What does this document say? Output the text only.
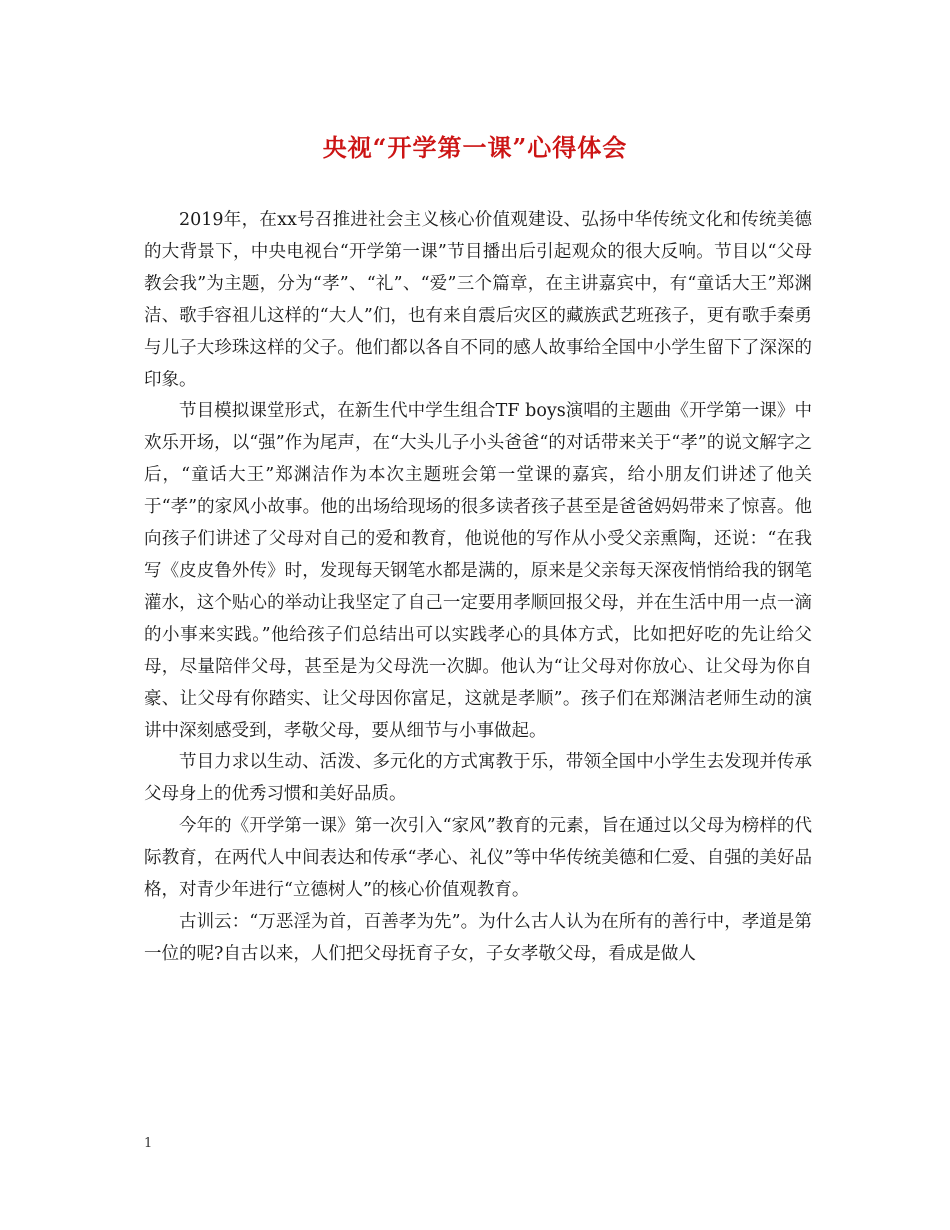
央视“开学第一课”心得体会

2019年，在xx号召推进社会主义核心价值观建设、弘扬中华传统文化和传统美德的大背景下，中央电视台“开学第一课”节目播出后引起观众的很大反响。节目以“父母教会我”为主题，分为“孝”、“礼”、“爱”三个篇章，在主讲嘉宾中，有“童话大王”郑渊洁、歌手容祖儿这样的“大人”们，也有来自震后灾区的藏族武艺班孩子，更有歌手秦勇与儿子大珍珠这样的父子。他们都以各自不同的感人故事给全国中小学生留下了深深的印象。

节目模拟课堂形式，在新生代中学生组合TF boys演唱的主题曲《开学第一课》中欢乐开场，以“强”作为尾声，在“大头儿子小头爸爸“的对话带来关于“孝”的说文解字之后，“童话大王”郑渊洁作为本次主题班会第一堂课的嘉宾，给小朋友们讲述了他关于“孝”的家风小故事。他的出场给现场的很多读者孩子甚至是爸爸妈妈带来了惊喜。他向孩子们讲述了父母对自己的爱和教育，他说他的写作从小受父亲熏陶，还说：“在我写《皮皮鲁外传》时，发现每天钢笔水都是满的，原来是父亲每天深夜悄悄给我的钢笔灌水，这个贴心的举动让我坚定了自己一定要用孝顺回报父母，并在生活中用一点一滴的小事来实践。”他给孩子们总结出可以实践孝心的具体方式，比如把好吃的先让给父母，尽量陪伴父母，甚至是为父母洗一次脚。他认为“让父母对你放心、让父母为你自豪、让父母有你踏实、让父母因你富足，这就是孝顺”。孩子们在郑渊洁老师生动的演讲中深刻感受到，孝敬父母，要从细节与小事做起。

节目力求以生动、活泼、多元化的方式寓教于乐，带领全国中小学生去发现并传承父母身上的优秀习惯和美好品质。

今年的《开学第一课》第一次引入“家风”教育的元素，旨在通过以父母为榜样的代际教育，在两代人中间表达和传承“孝心、礼仪”等中华传统美德和仁爱、自强的美好品格，对青少年进行“立德树人”的核心价值观教育。

古训云：“万恶淫为首，百善孝为先”。为什么古人认为在所有的善行中，孝道是第一位的呢?自古以来，人们把父母抚育子女，子女孝敬父母，看成是做人

1
